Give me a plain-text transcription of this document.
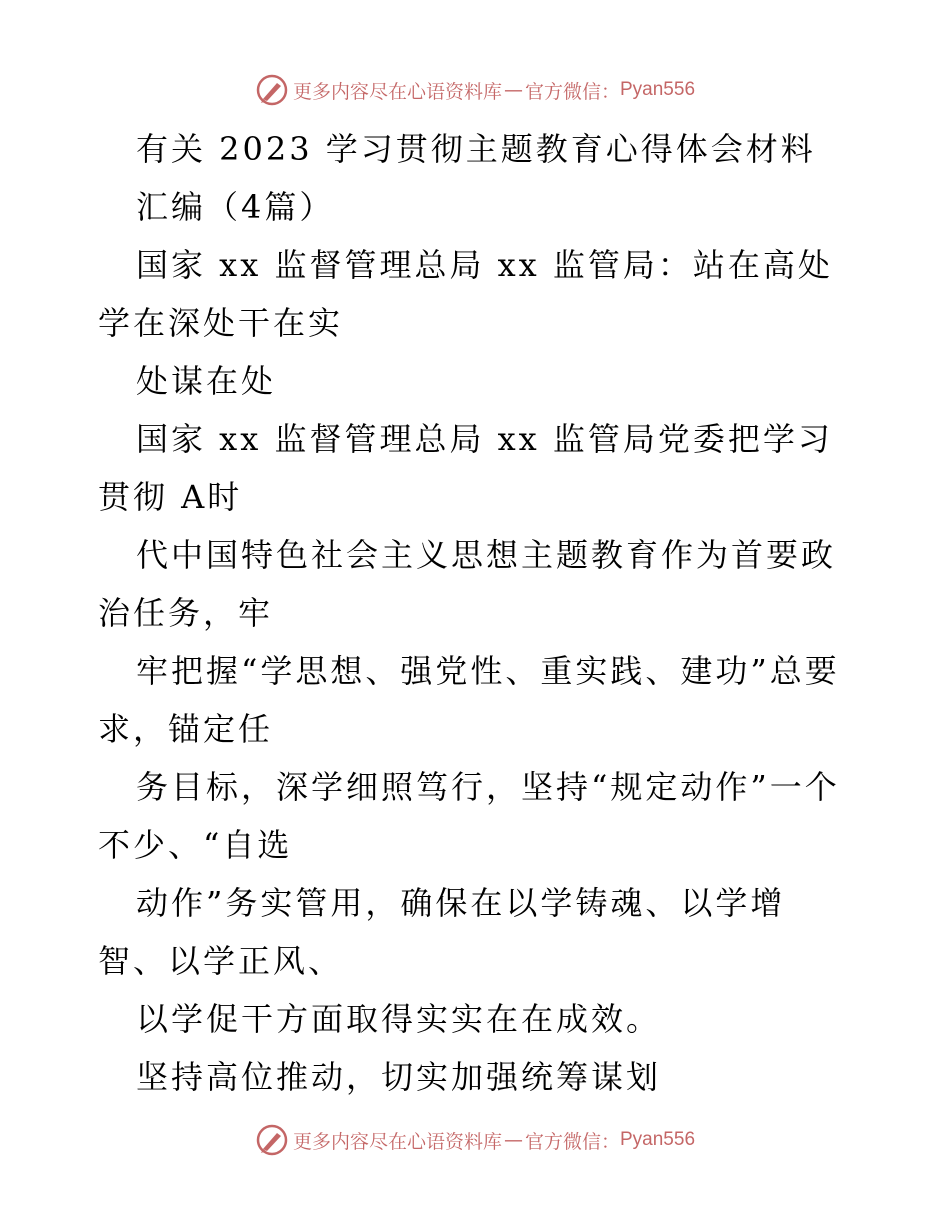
更多内容尽在心语资料库 — 官方微信： Pyan556

有关 2023 学习贯彻主题教育心得体会材料

汇编（4篇）

国家 xx 监督管理总局 xx 监管局：站在高处学在深处干在实

处谋在处

国家 xx 监督管理总局 xx 监管局党委把学习贯彻 A时

代中国特色社会主义思想主题教育作为首要政治任务，牢

牢把握“学思想、强党性、重实践、建功”总要求，锚定任

务目标，深学细照笃行，坚持“规定动作”一个不少、“自选

动作”务实管用，确保在以学铸魂、以学增智、以学正风、

以学促干方面取得实实在在成效。

坚持高位推动，切实加强统筹谋划

更多内容尽在心语资料库 — 官方微信： Pyan556
